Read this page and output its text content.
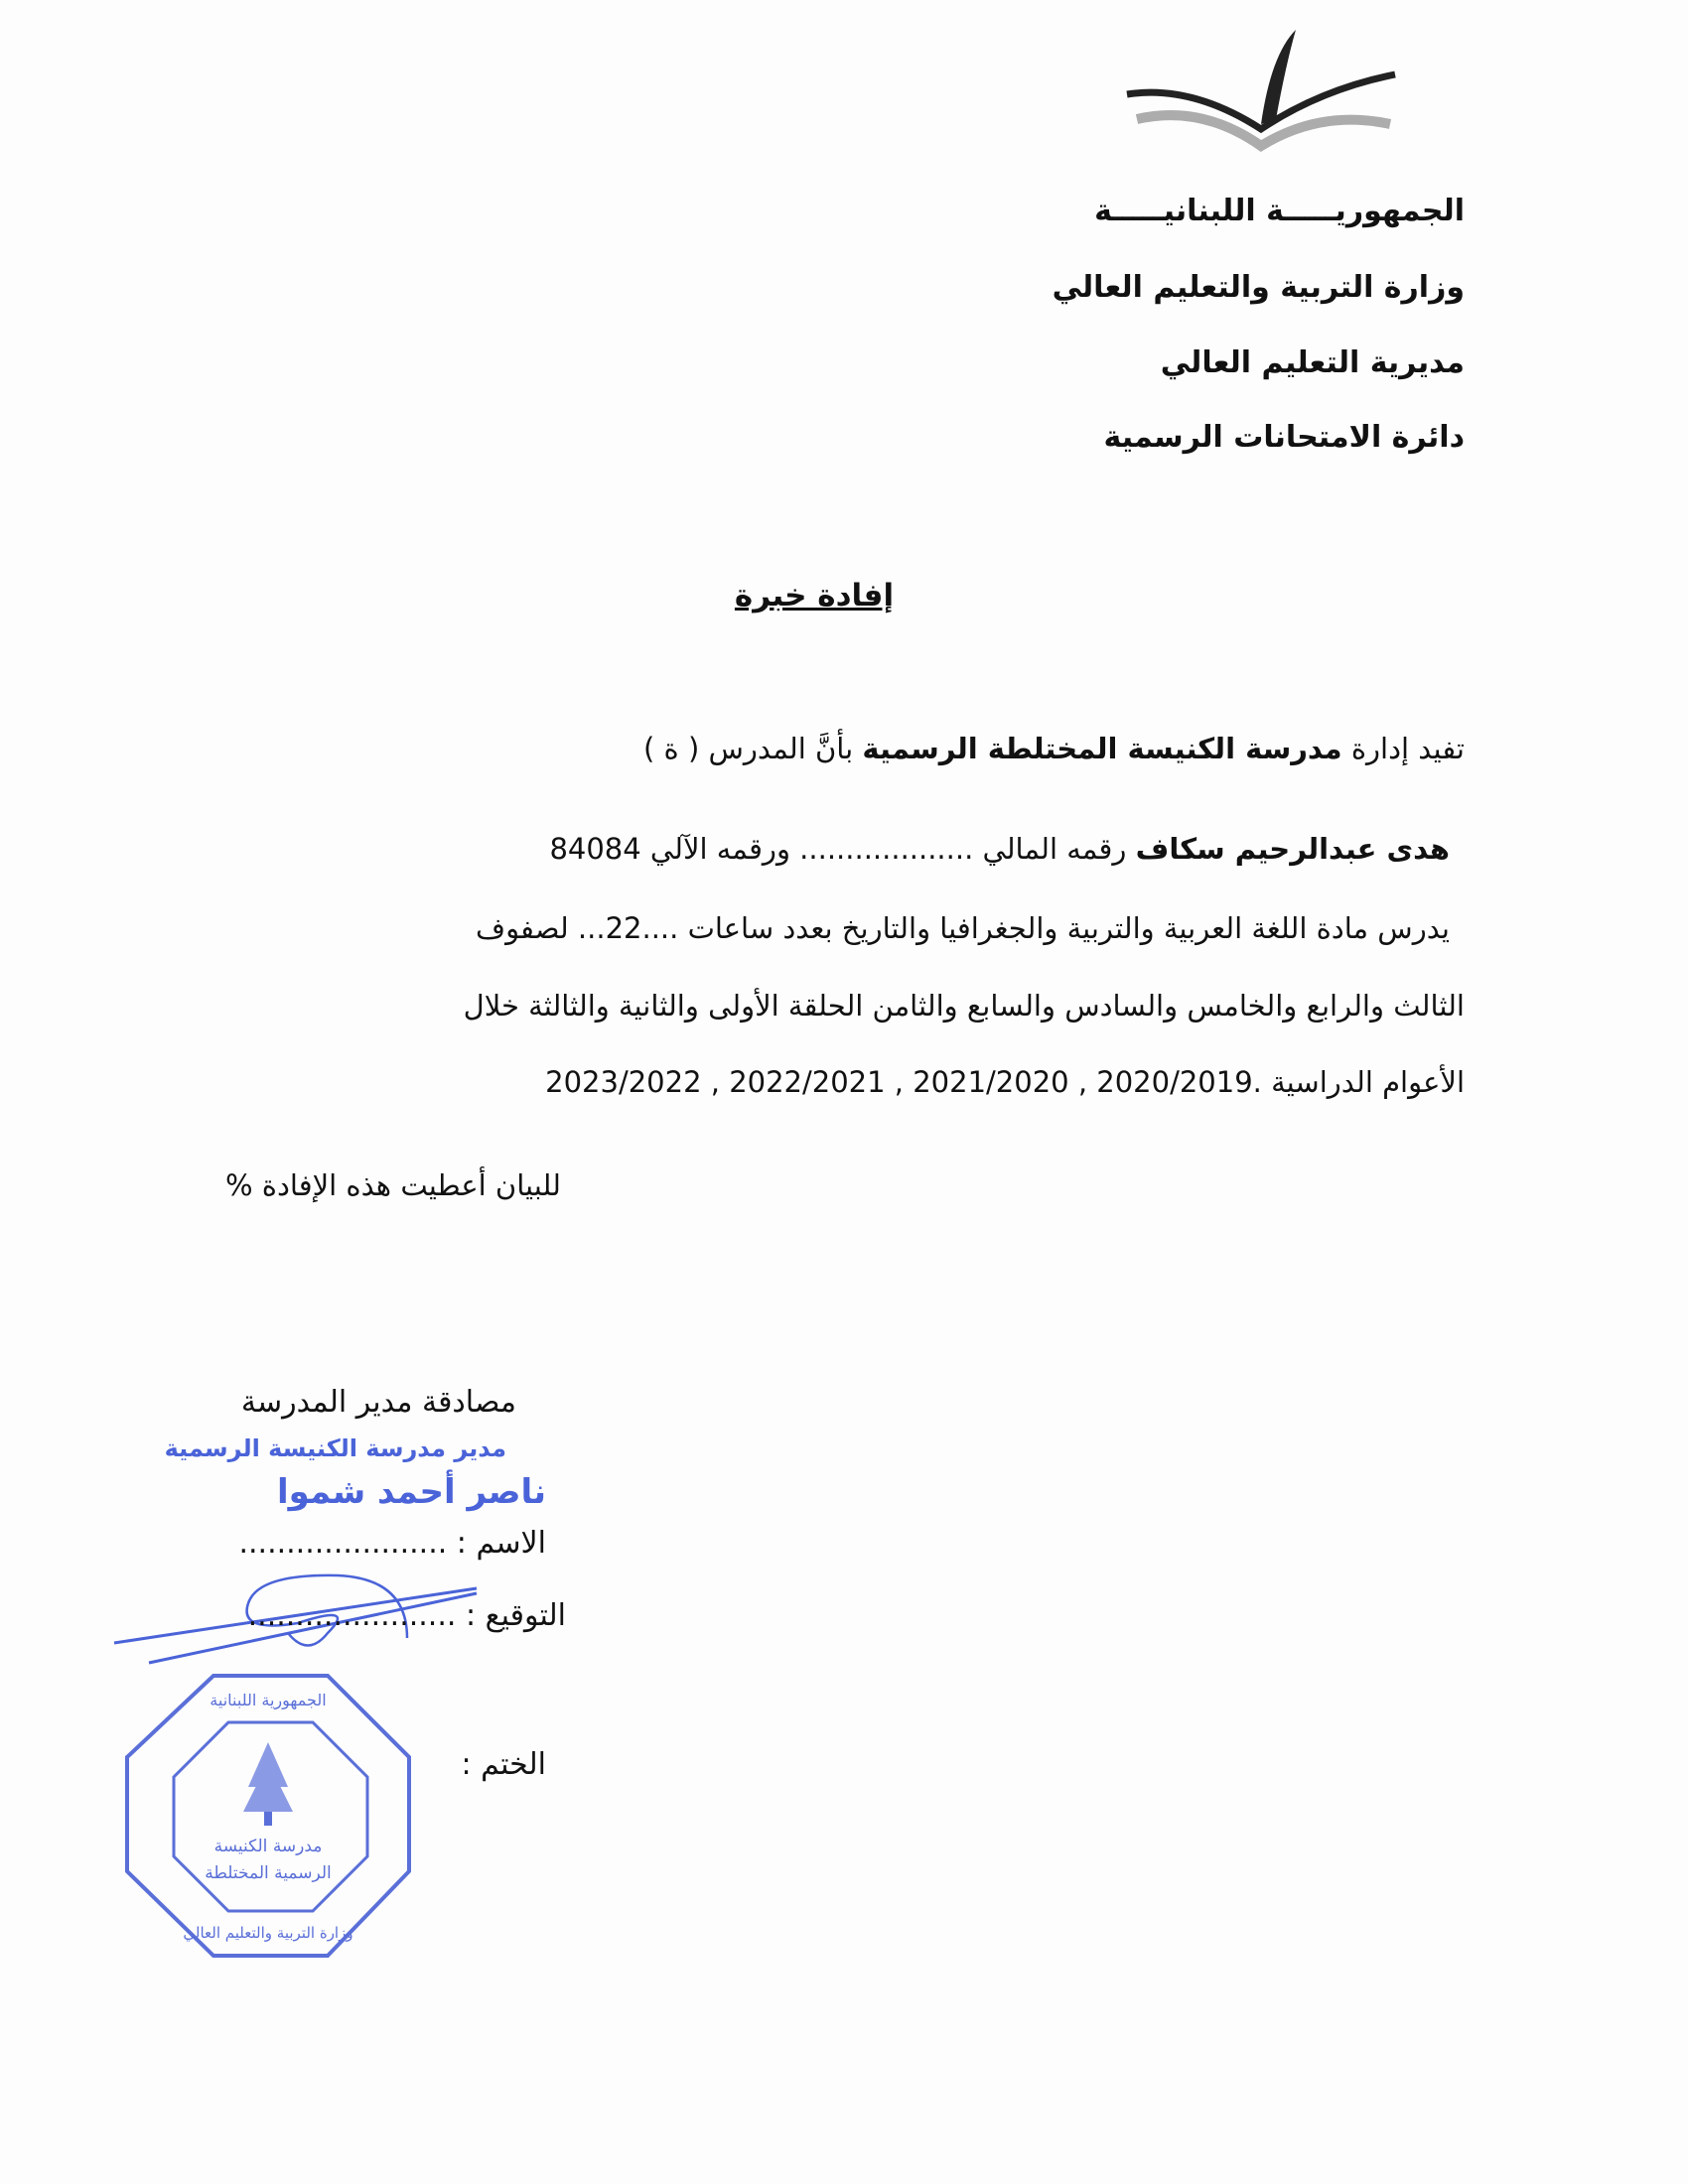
الجمهوريـــــة اللبنانيـــــة
وزارة التربية والتعليم العالي
مديرية التعليم العالي
دائرة الامتحانات الرسمية
إفادة خبرة
تفيد إدارة مدرسة الكنيسة المختلطة الرسمية بأنَّ المدرس ( ة )
هدى عبدالرحيم سكاف رقمه المالي ................... ورقمه الآلي 84084
يدرس مادة اللغة العربية والتربية والجغرافيا والتاريخ بعدد ساعات ....22... لصفوف
الثالث والرابع والخامس والسادس والسابع والثامن الحلقة الأولى والثانية والثالثة خلال
الأعوام الدراسية .2020/2019 , 2021/2020 , 2022/2021 , 2023/2022
للبيان أعطيت هذه الإفادة %
مصادقة مدير المدرسة
مدير مدرسة الكنيسة الرسمية
ناصر أحمد شموا
الاسم : ......................
التوقيع : ......................
الختم :
الجمهورية اللبنانية
مدرسة الكنيسة
الرسمية المختلطة
وزارة التربية والتعليم العالي
